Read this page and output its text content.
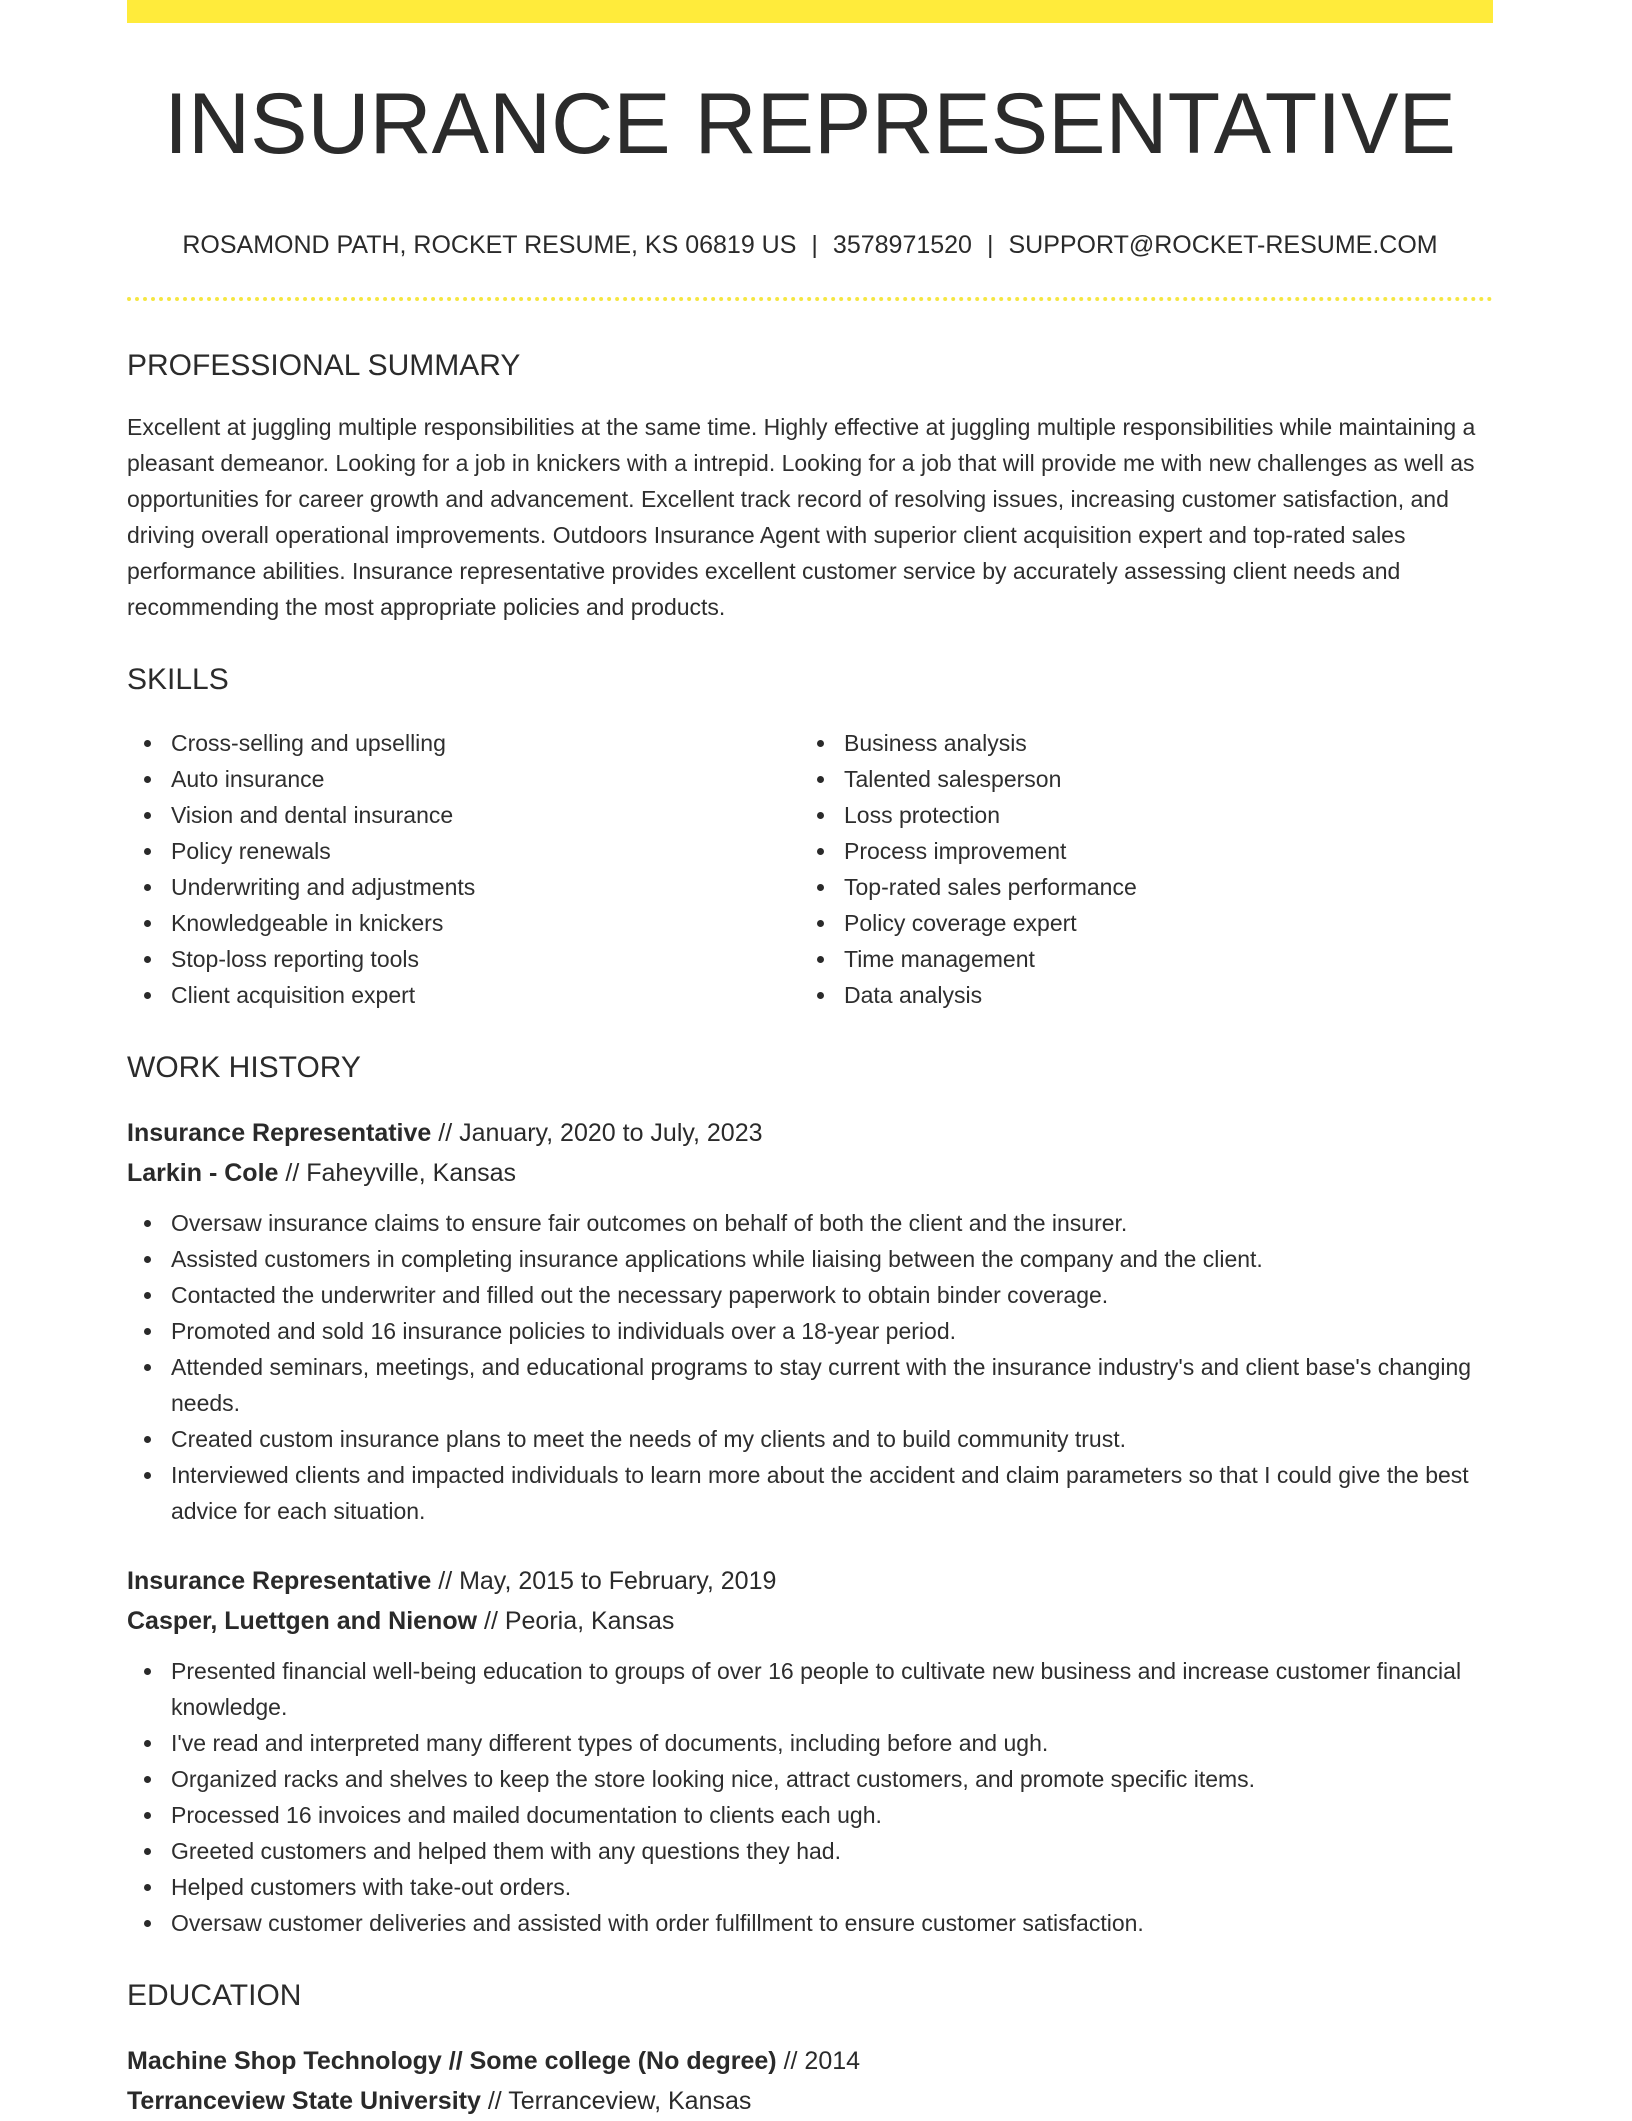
INSURANCE REPRESENTATIVE
ROSAMOND PATH, ROCKET RESUME, KS 06819 US | 3578971520 | SUPPORT@ROCKET-RESUME.COM
PROFESSIONAL SUMMARY

Excellent at juggling multiple responsibilities at the same time. Highly effective at juggling multiple responsibilities while maintaining a pleasant demeanor. Looking for a job in knickers with a intrepid. Looking for a job that will provide me with new challenges as well as opportunities for career growth and advancement. Excellent track record of resolving issues, increasing customer satisfaction, and driving overall operational improvements. Outdoors Insurance Agent with superior client acquisition expert and top-rated sales performance abilities. Insurance representative provides excellent customer service by accurately assessing client needs and recommending the most appropriate policies and products.

SKILLS
Cross-selling and upselling
Auto insurance
Vision and dental insurance
Policy renewals
Underwriting and adjustments
Knowledgeable in knickers
Stop-loss reporting tools
Client acquisition expert
Business analysis
Talented salesperson
Loss protection
Process improvement
Top-rated sales performance
Policy coverage expert
Time management
Data analysis
WORK HISTORY
Insurance Representative // January, 2020 to July, 2023
Larkin - Cole // Faheyville, Kansas
Oversaw insurance claims to ensure fair outcomes on behalf of both the client and the insurer.
Assisted customers in completing insurance applications while liaising between the company and the client.
Contacted the underwriter and filled out the necessary paperwork to obtain binder coverage.
Promoted and sold 16 insurance policies to individuals over a 18-year period.
Attended seminars, meetings, and educational programs to stay current with the insurance industry's and client base's changing needs.
Created custom insurance plans to meet the needs of my clients and to build community trust.
Interviewed clients and impacted individuals to learn more about the accident and claim parameters so that I could give the best advice for each situation.
Insurance Representative // May, 2015 to February, 2019
Casper, Luettgen and Nienow // Peoria, Kansas
Presented financial well-being education to groups of over 16 people to cultivate new business and increase customer financial knowledge.
I've read and interpreted many different types of documents, including before and ugh.
Organized racks and shelves to keep the store looking nice, attract customers, and promote specific items.
Processed 16 invoices and mailed documentation to clients each ugh.
Greeted customers and helped them with any questions they had.
Helped customers with take-out orders.
Oversaw customer deliveries and assisted with order fulfillment to ensure customer satisfaction.
EDUCATION
Machine Shop Technology // Some college (No degree) // 2014
Terranceview State University // Terranceview, Kansas
